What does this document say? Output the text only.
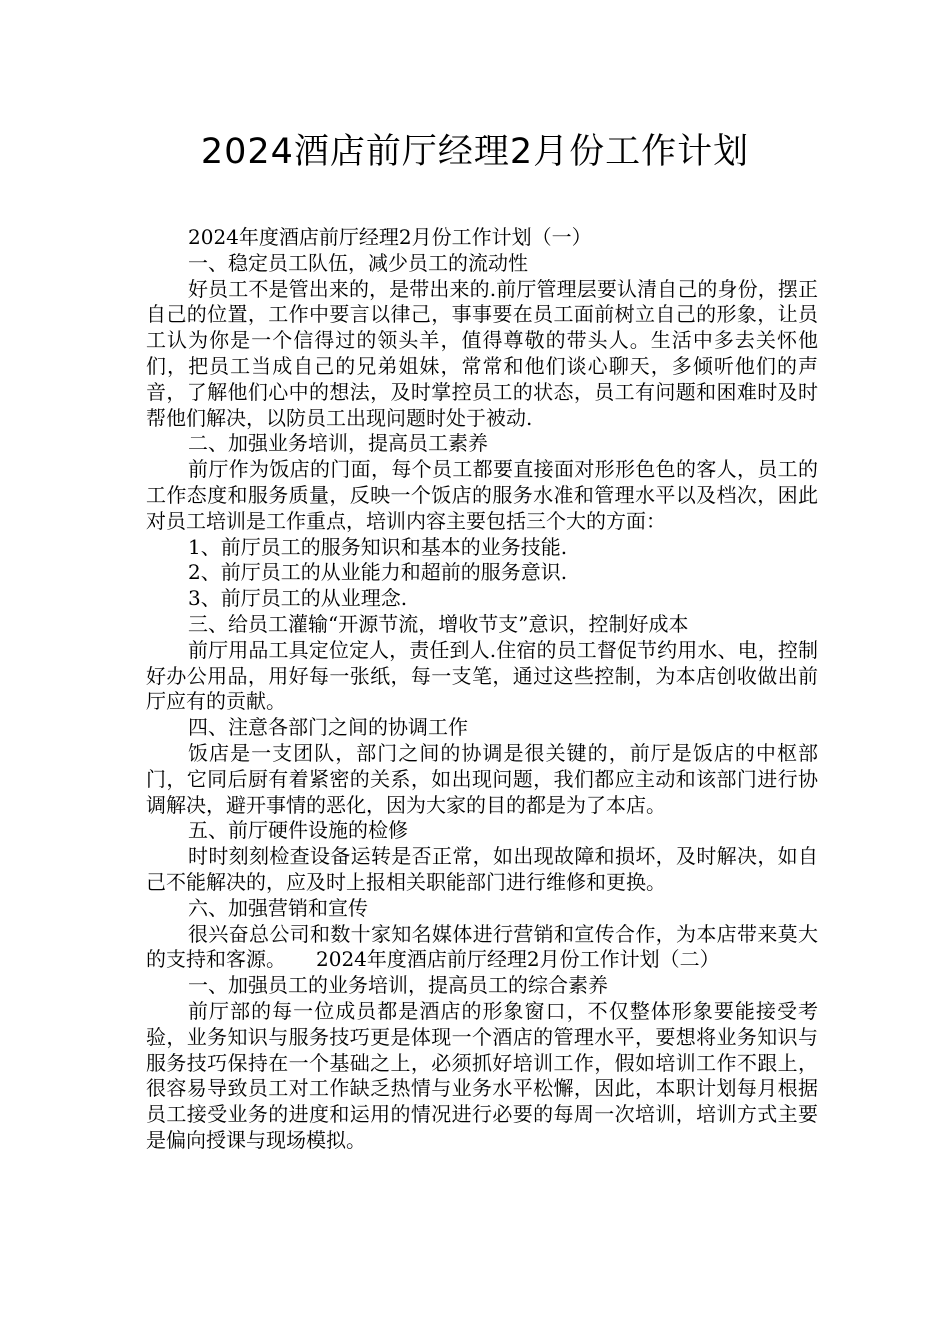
2024酒店前厅经理2月份工作计划

2024年度酒店前厅经理2月份工作计划（一）

一、稳定员工队伍，减少员工的流动性

好员工不是管出来的，是带出来的.前厅管理层要认清自己的身份，摆正自己的位置，工作中要言以律己，事事要在员工面前树立自己的形象，让员工认为你是一个信得过的领头羊，值得尊敬的带头人。生活中多去关怀他们，把员工当成自己的兄弟姐妹，常常和他们谈心聊天，多倾听他们的声音，了解他们心中的想法，及时掌控员工的状态，员工有问题和困难时及时帮他们解决，以防员工出现问题时处于被动.

二、加强业务培训，提高员工素养

前厅作为饭店的门面，每个员工都要直接面对形形色色的客人，员工的工作态度和服务质量，反映一个饭店的服务水准和管理水平以及档次，困此对员工培训是工作重点，培训内容主要包括三个大的方面：

1、前厅员工的服务知识和基本的业务技能.

2、前厅员工的从业能力和超前的服务意识.

3、前厅员工的从业理念.

三、给员工灌输“开源节流，增收节支”意识，控制好成本

前厅用品工具定位定人，责任到人.住宿的员工督促节约用水、电，控制好办公用品，用好每一张纸，每一支笔，通过这些控制，为本店创收做出前厅应有的贡献。

四、注意各部门之间的协调工作

饭店是一支团队，部门之间的协调是很关键的，前厅是饭店的中枢部门，它同后厨有着紧密的关系，如出现问题，我们都应主动和该部门进行协调解决，避开事情的恶化，因为大家的目的都是为了本店。

五、前厅硬件设施的检修

时时刻刻检查设备运转是否正常，如出现故障和损坏，及时解决，如自己不能解决的，应及时上报相关职能部门进行维修和更换。

六、加强营销和宣传

很兴奋总公司和数十家知名媒体进行营销和宣传合作，为本店带来莫大的支持和客源。　　2024年度酒店前厅经理2月份工作计划（二）

一、加强员工的业务培训，提高员工的综合素养

前厅部的每一位成员都是酒店的形象窗口，不仅整体形象要能接受考验，业务知识与服务技巧更是体现一个酒店的管理水平，要想将业务知识与服务技巧保持在一个基础之上，必须抓好培训工作，假如培训工作不跟上，很容易导致员工对工作缺乏热情与业务水平松懈，因此，本职计划每月根据员工接受业务的进度和运用的情况进行必要的每周一次培训，培训方式主要是偏向授课与现场模拟。
